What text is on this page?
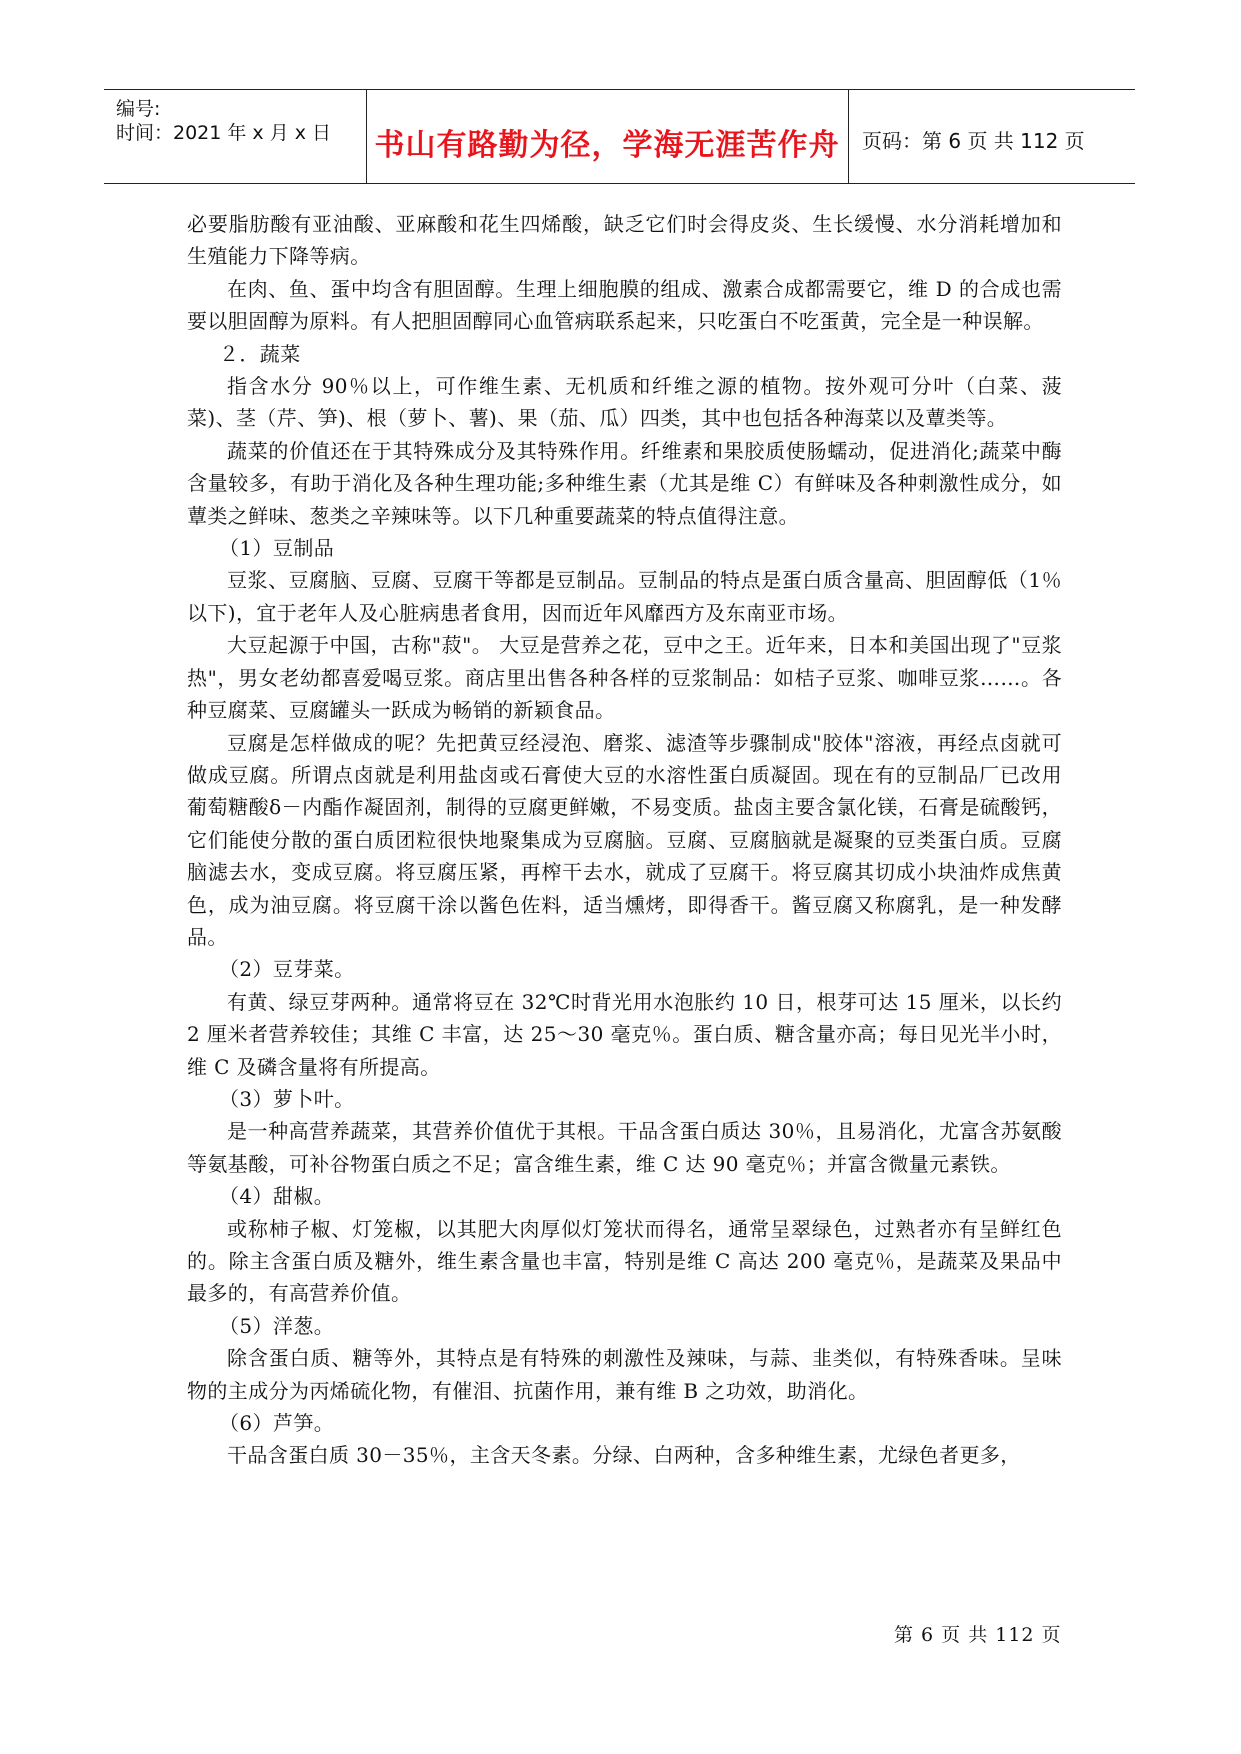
编号:
时间：2021 年 x 月 x 日 书山有路勤为径，学海无涯苦作舟	页码：第 6 页 共 112 页

必要脂肪酸有亚油酸、亚麻酸和花生四烯酸，缺乏它们时会得皮炎、生长缓慢、水分消耗增加和生殖能力下降等病。

在肉、鱼、蛋中均含有胆固醇。生理上细胞膜的组成、激素合成都需要它，维 D 的合成也需要以胆固醇为原料。有人把胆固醇同心血管病联系起来，只吃蛋白不吃蛋黄，完全是一种误解。

２．蔬菜

指含水分 90％以上，可作维生素、无机质和纤维之源的植物。按外观可分叶（白菜、菠菜)、茎（芹、笋)、根（萝卜、薯)、果（茄、瓜）四类，其中也包括各种海菜以及蕈类等。

蔬菜的价值还在于其特殊成分及其特殊作用。纤维素和果胶质使肠蠕动，促进消化;蔬菜中酶含量较多，有助于消化及各种生理功能;多种维生素（尤其是维 C）有鲜味及各种刺激性成分，如蕈类之鲜味、葱类之辛辣味等。以下几种重要蔬菜的特点值得注意。

（1）豆制品

豆浆、豆腐脑、豆腐、豆腐干等都是豆制品。豆制品的特点是蛋白质含量高、胆固醇低（1％以下)，宜于老年人及心脏病患者食用，因而近年风靡西方及东南亚市场。

大豆起源于中国，古称"菽"。 大豆是营养之花，豆中之王。近年来，日本和美国出现了"豆浆热"，男女老幼都喜爱喝豆浆。商店里出售各种各样的豆浆制品：如桔子豆浆、咖啡豆浆……。各种豆腐菜、豆腐罐头一跃成为畅销的新颖食品。

豆腐是怎样做成的呢？先把黄豆经浸泡、磨浆、滤渣等步骤制成"胶体"溶液，再经点卤就可做成豆腐。所谓点卤就是利用盐卤或石膏使大豆的水溶性蛋白质凝固。现在有的豆制品厂已改用葡萄糖酸δ－内酯作凝固剂，制得的豆腐更鲜嫩，不易变质。盐卤主要含氯化镁，石膏是硫酸钙，它们能使分散的蛋白质团粒很快地聚集成为豆腐脑。豆腐、豆腐脑就是凝聚的豆类蛋白质。豆腐脑滤去水，变成豆腐。将豆腐压紧，再榨干去水，就成了豆腐干。将豆腐其切成小块油炸成焦黄色，成为油豆腐。将豆腐干涂以酱色佐料，适当燻烤，即得香干。酱豆腐又称腐乳，是一种发酵品。

（2）豆芽菜。

有黄、绿豆芽两种。通常将豆在 32℃时背光用水泡胀约 10 日，根芽可达 15 厘米，以长约 2 厘米者营养较佳；其维 C 丰富，达 25～30 毫克％。蛋白质、糖含量亦高；每日见光半小时，维 C 及磷含量将有所提高。

（3）萝卜叶。

是一种高营养蔬菜，其营养价值优于其根。干品含蛋白质达 30％，且易消化，尤富含苏氨酸等氨基酸，可补谷物蛋白质之不足；富含维生素，维 C 达 90 毫克％；并富含微量元素铁。

（4）甜椒。

或称柿子椒、灯笼椒，以其肥大肉厚似灯笼状而得名，通常呈翠绿色，过熟者亦有呈鲜红色的。除主含蛋白质及糖外，维生素含量也丰富，特别是维 C 高达 200 毫克％，是蔬菜及果品中最多的，有高营养价值。

（5）洋葱。

除含蛋白质、糖等外，其特点是有特殊的刺激性及辣味，与蒜、韭类似，有特殊香味。呈味物的主成分为丙烯硫化物，有催泪、抗菌作用，兼有维 B 之功效，助消化。

（6）芦笋。

干品含蛋白质 30－35％，主含天冬素。分绿、白两种，含多种维生素，尤绿色者更多，

第 6 页 共 112 页
